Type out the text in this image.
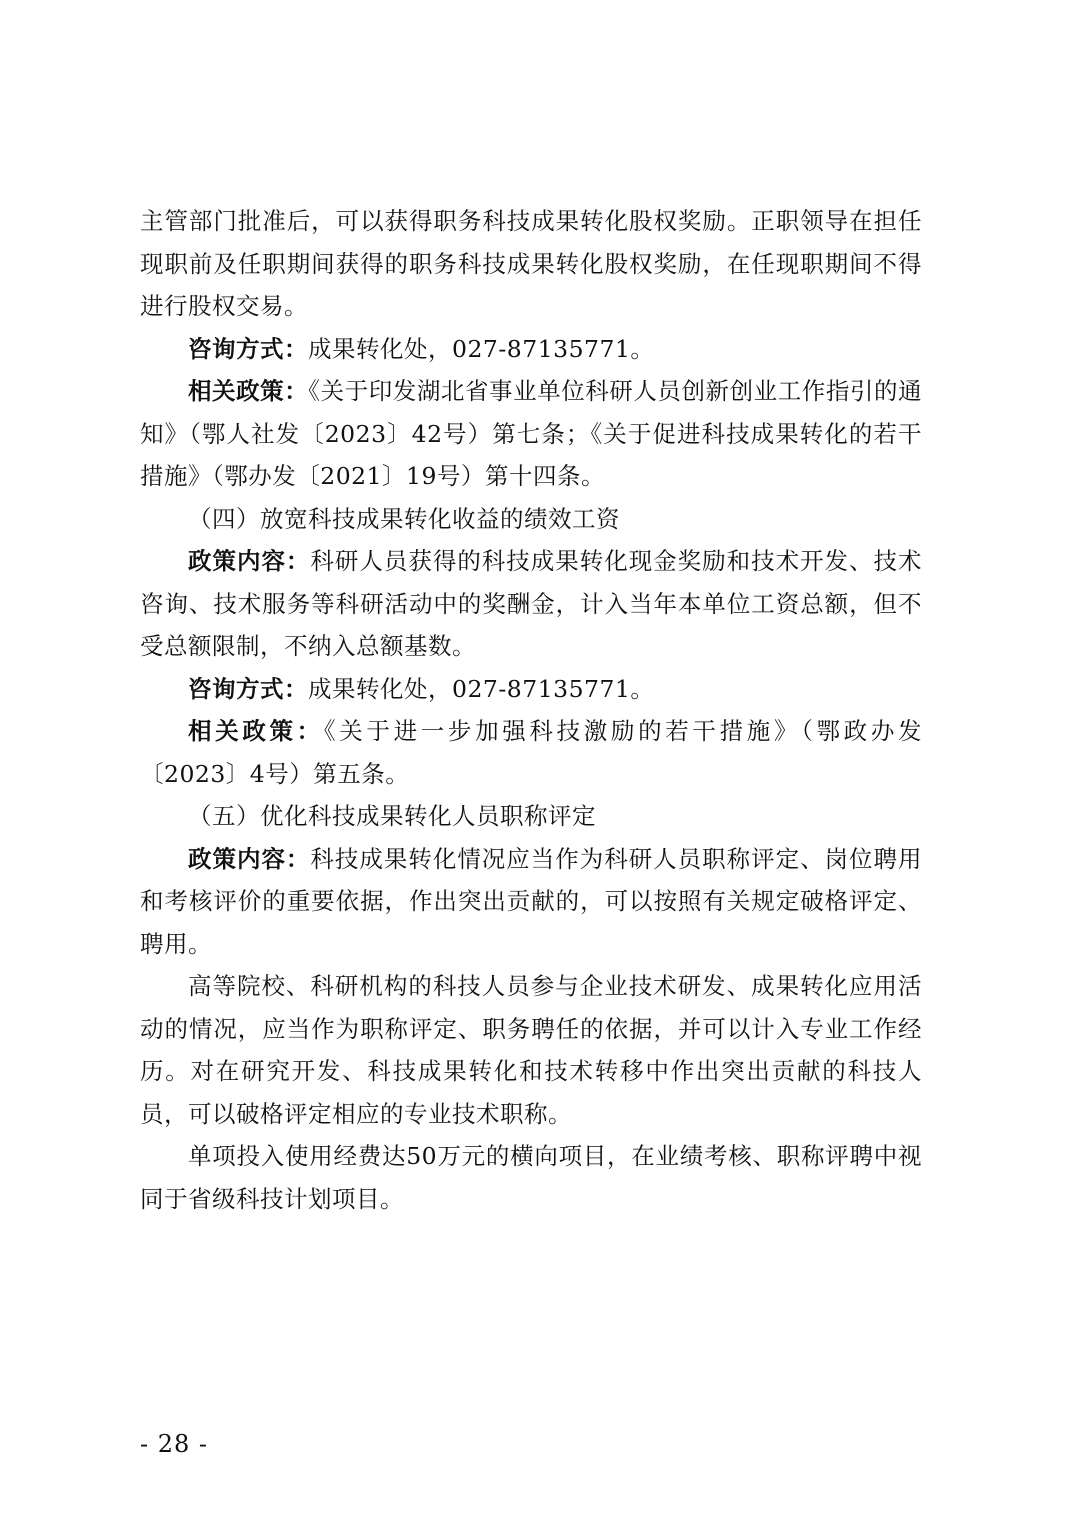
主管部门批准后，可以获得职务科技成果转化股权奖励。正职领导在担任现职前及任职期间获得的职务科技成果转化股权奖励，在任现职期间不得进行股权交易。

咨询方式：成果转化处，027-87135771。

相关政策：《关于印发湖北省事业单位科研人员创新创业工作指引的通知》（鄂人社发〔2023〕42号）第七条；《关于促进科技成果转化的若干措施》（鄂办发〔2021〕19号）第十四条。

（四）放宽科技成果转化收益的绩效工资

政策内容：科研人员获得的科技成果转化现金奖励和技术开发、技术咨询、技术服务等科研活动中的奖酬金，计入当年本单位工资总额，但不受总额限制，不纳入总额基数。

咨询方式：成果转化处，027-87135771。

相关政策：《关于进一步加强科技激励的若干措施》（鄂政办发〔2023〕4号）第五条。

（五）优化科技成果转化人员职称评定

政策内容：科技成果转化情况应当作为科研人员职称评定、岗位聘用和考核评价的重要依据，作出突出贡献的，可以按照有关规定破格评定、聘用。

高等院校、科研机构的科技人员参与企业技术研发、成果转化应用活动的情况，应当作为职称评定、职务聘任的依据，并可以计入专业工作经历。对在研究开发、科技成果转化和技术转移中作出突出贡献的科技人员，可以破格评定相应的专业技术职称。

单项投入使用经费达50万元的横向项目，在业绩考核、职称评聘中视同于省级科技计划项目。

- 28 -
